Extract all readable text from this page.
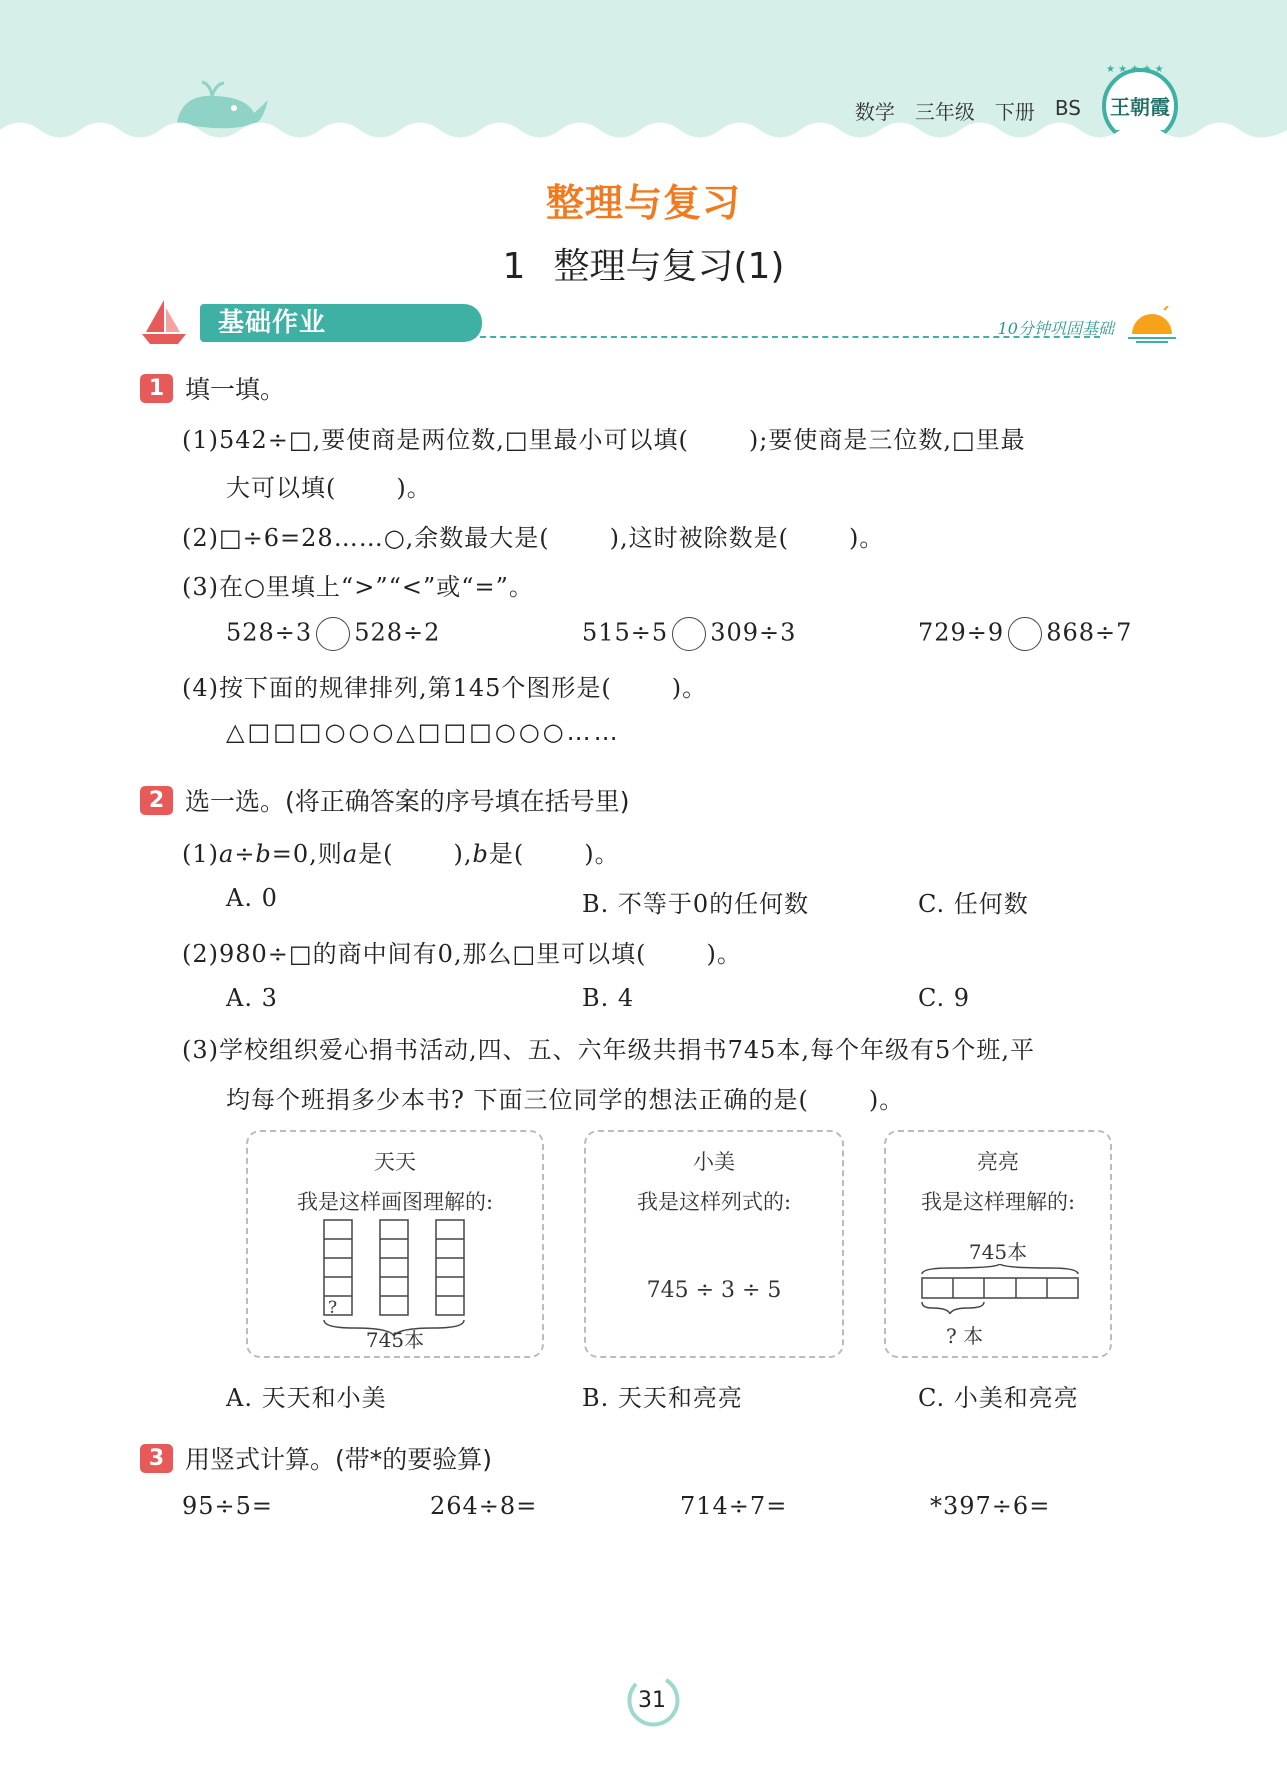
数学 三年级 下册 BS
★ ★ ★ ★ ★
王朝霞
整理与复习
1 整理与复习(1)
基础作业	10分钟巩固基础
1 填一填。
(1)542÷□,要使商是两位数,□里最小可以填(	);要使商是三位数,□里最
大可以填(	)。
(2)□÷6=28……○,余数最大是(	),这时被除数是(	)。
(3)在○里填上“>”“<”或“=”。
528÷3 528÷2	515÷5 309÷3	729÷9 868÷7
(4)按下面的规律排列,第145个图形是(	)。
△□□□○○○△□□□○○○……
2 选一选。(将正确答案的序号填在括号里)
(1)a÷b=0,则a是(	),b是(	)。
A. 0	B. 不等于0的任何数	C. 任何数
(2)980÷□的商中间有0,那么□里可以填(	)。
A. 3	B. 4	C. 9
(3)学校组织爱心捐书活动,四、五、六年级共捐书745本,每个年级有5个班,平
均每个班捐多少本书? 下面三位同学的想法正确的是(	)。
天天
我是这样画图理解的:
?
745本
小美
我是这样列式的:
745 ÷ 3 ÷ 5
亮亮
我是这样理解的:
745本
? 本
A. 天天和小美	B. 天天和亮亮	C. 小美和亮亮
3 用竖式计算。(带*的要验算)
95÷5=	264÷8=	714÷7=	*397÷6=
31
